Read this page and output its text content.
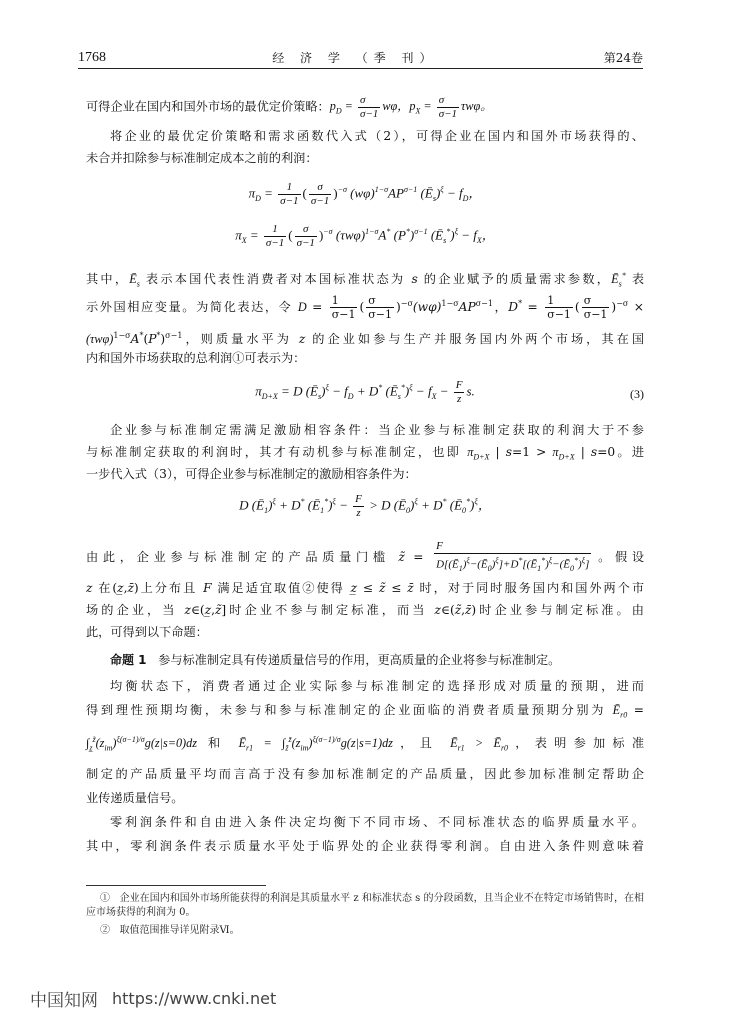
1768	经 济 学 （季 刊）	第24卷
可得企业在国内和国外市场的最优定价策略：$p_D = \frac{\sigma}{\sigma-1}$ wφ，$p_X = \frac{\sigma}{\sigma-1}$ τwφ。
将企业的最优定价策略和需求函数代入式（2），可得企业在国内和国外市场获得的、
未合并扣除参与标准制定成本之前的利润：
$\pi_D = \frac{1}{\sigma-1}$ ( $\frac{\sigma}{\sigma-1} )^{-\sigma}$ $(w\varphi)^{1-\sigma}AP^{\sigma-1}$ $(Ē_s)^\xi - f_D$，
$\pi_X = \frac{1}{\sigma-1}$ ( $\frac{\sigma}{\sigma-1} )^{-\sigma}$ $(\tau w\varphi)^{1-\sigma}A^*$ $(P^*)^{\sigma-1}$ $(Ē_s^*)^\xi - f_X$，
其中，$Ē_s$ 表示本国代表性消费者对本国标准状态为 s 的企业赋予的质量需求参数，$Ē_s^*$ 表
示外国相应变量。为简化表达，令 $D = \frac{1}{\sigma-1}$ ( $\frac{\sigma}{\sigma-1} )^{-\sigma}(w\varphi)^{1-\sigma}AP^{\sigma-1}$，$D^* = \frac{1}{\sigma-1}$ ( $\frac{\sigma}{\sigma-1} )^{-\sigma}$ ×
$(\tau w\varphi)^{1-\sigma}A^*(P^*)^{\sigma-1}$，则质量水平为 z 的企业如参与生产并服务国内外两个市场，其在国
内和国外市场获取的总利润①可表示为：
$\pi_{D+X} = D$ $(Ē_s)^\xi - f_D + D^*$ $(Ē_s^*)^\xi - f_X - \frac{F}{z} s$.	(3)
企业参与标准制定需满足激励相容条件：当企业参与标准制定获取的利润大于不参
与标准制定获取的利润时，其才有动机参与标准制定，也即 $\pi_{D+X}$ | $s=1 > \pi_{D+X}$ | s=0。进
一步代入式（3），可得企业参与标准制定的激励相容条件为：
D $(Ē_1)^\xi + D^*$ $(Ē_1^*)^\xi - \frac{F}{z} > D$ $(Ē_0)^\xi + D^*$ $(Ē_0^*)^\xi$，
由此，企业参与标准制定的产品质量门槛 z̃ = $\frac{F}{D[(Ē_1)^\xi-(Ē_0)^\xi]+D^*[(Ē_1^*)^\xi-(Ē_0^*)^\xi]}$ 。假设
z 在(z̲,z̄)上分布且 F 满足适宜取值②使得 z̲ ≤ z̃ ≤ z̄ 时，对于同时服务国内和国外两个市
场的企业，当 z∈(z̲,z̃]时企业不参与制定标准，而当 z∈(z̃,z̄)时企业参与制定标准。由
此，可得到以下命题：
命题 1 参与标准制定具有传递质量信号的作用，更高质量的企业将参与标准制定。
均衡状态下，消费者通过企业实际参与标准制定的选择形成对质量的预期，进而
得到理性预期均衡，未参与和参与标准制定的企业面临的消费者质量预期分别为 $Ē_{r0}$ =
$\int_{z̲}^{z̃}(z_{im})^{\xi(\sigma-1)/\sigma}g(z|s=0)dz$ 和 $Ē_{r1} = \int_{z̃}^{z̄}(z_{im})^{\xi(\sigma-1)/\sigma}g(z|s=1)dz$，且 $Ē_{r1}$ > $Ē_{r0}$，表明参加标准
制定的产品质量平均而言高于没有参加标准制定的产品质量，因此参加标准制定帮助企
业传递质量信号。
零利润条件和自由进入条件决定均衡下不同市场、不同标准状态的临界质量水平。
其中，零利润条件表示质量水平处于临界处的企业获得零利润。自由进入条件则意味着
① 企业在国内和国外市场所能获得的利润是其质量水平 z 和标准状态 s 的分段函数，且当企业不在特定市场销售时，在相应市场获得的利润为 0。
② 取值范围推导详见附录Ⅵ。
中国知网 https://www.cnki.net
